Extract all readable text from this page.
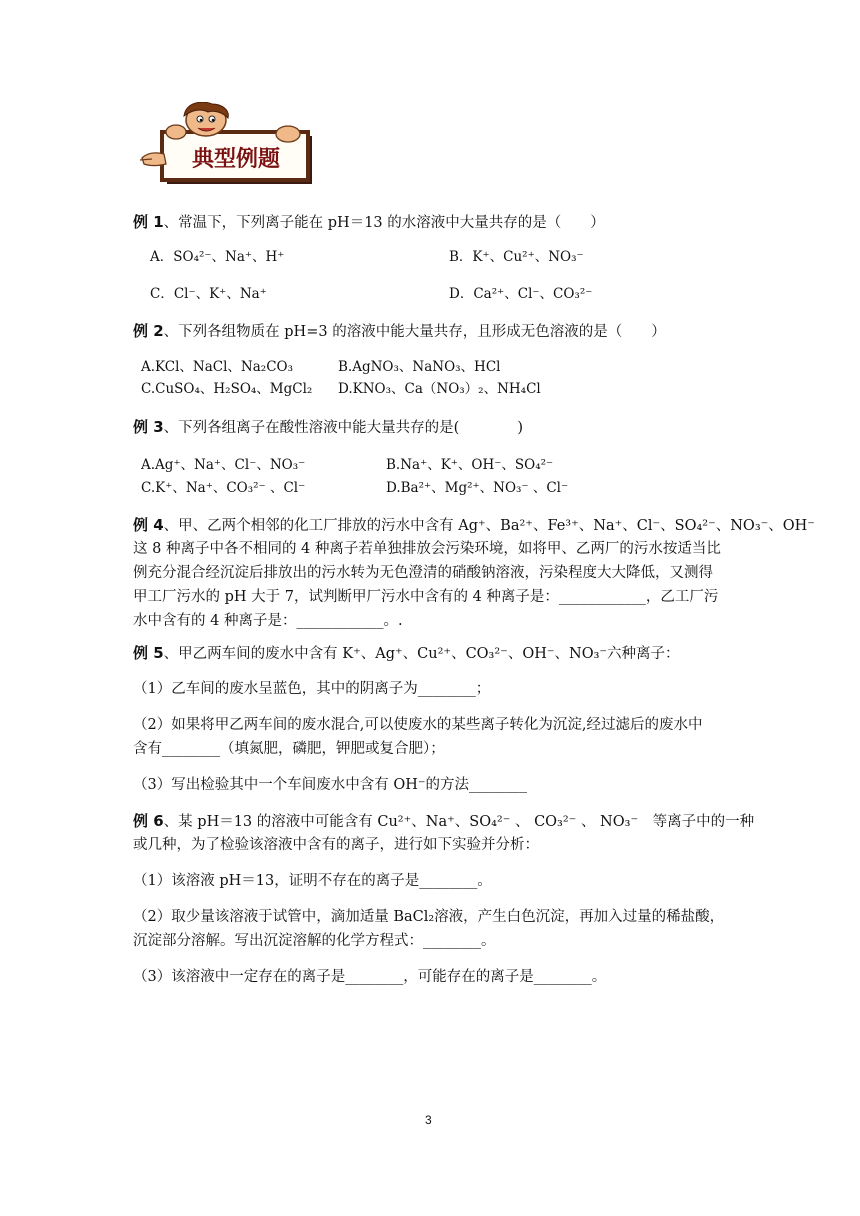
典型例题
例 1、常温下，下列离子能在 pH＝13 的水溶液中大量共存的是（　　）
A．SO₄²⁻、Na⁺、H⁺	B．K⁺、Cu²⁺、NO₃⁻
C．Cl⁻、K⁺、Na⁺	D．Ca²⁺、Cl⁻、CO₃²⁻
例 2、下列各组物质在 pH=3 的溶液中能大量共存，且形成无色溶液的是（　　）
A.KCl、NaCl、Na₂CO₃	B.AgNO₃、NaNO₃、HCl
C.CuSO₄、H₂SO₄、MgCl₂ D.KNO₃、Ca（NO₃）₂、NH₄Cl
例 3、下列各组离子在酸性溶液中能大量共存的是(　　　　)
A.Ag⁺、Na⁺、Cl⁻、NO₃⁻	B.Na⁺、K⁺、OH⁻、SO₄²⁻
C.K⁺、Na⁺、CO₃²⁻ 、Cl⁻	D.Ba²⁺、Mg²⁺、NO₃⁻ 、Cl⁻
例 4、甲、乙两个相邻的化工厂排放的污水中含有 Ag⁺、Ba²⁺、Fe³⁺、Na⁺、Cl⁻、SO₄²⁻、NO₃⁻、OH⁻
这 8 种离子中各不相同的 4 种离子若单独排放会污染环境，如将甲、乙两厂的污水按适当比
例充分混合经沉淀后排放出的污水转为无色澄清的硝酸钠溶液，污染程度大大降低，又测得
甲工厂污水的 pH 大于 7，试判断甲厂污水中含有的 4 种离子是：____________，乙工厂污
水中含有的 4 种离子是：____________。.
例 5、甲乙两车间的废水中含有 K⁺、Ag⁺、Cu²⁺、CO₃²⁻、OH⁻、NO₃⁻六种离子：
（1）乙车间的废水呈蓝色，其中的阴离子为________；
（2）如果将甲乙两车间的废水混合,可以使废水的某些离子转化为沉淀,经过滤后的废水中
含有________（填氮肥，磷肥，钾肥或复合肥）；
（3）写出检验其中一个车间废水中含有 OH⁻的方法________
例 6、某 pH＝13 的溶液中可能含有 Cu²⁺、Na⁺、SO₄²⁻ 、 CO₃²⁻ 、 NO₃⁻　等离子中的一种
或几种，为了检验该溶液中含有的离子，进行如下实验并分析：
（1）该溶液 pH＝13，证明不存在的离子是________。
（2）取少量该溶液于试管中，滴加适量 BaCl₂溶液，产生白色沉淀，再加入过量的稀盐酸，
沉淀部分溶解。写出沉淀溶解的化学方程式：________。
（3）该溶液中一定存在的离子是________，可能存在的离子是________。
3
